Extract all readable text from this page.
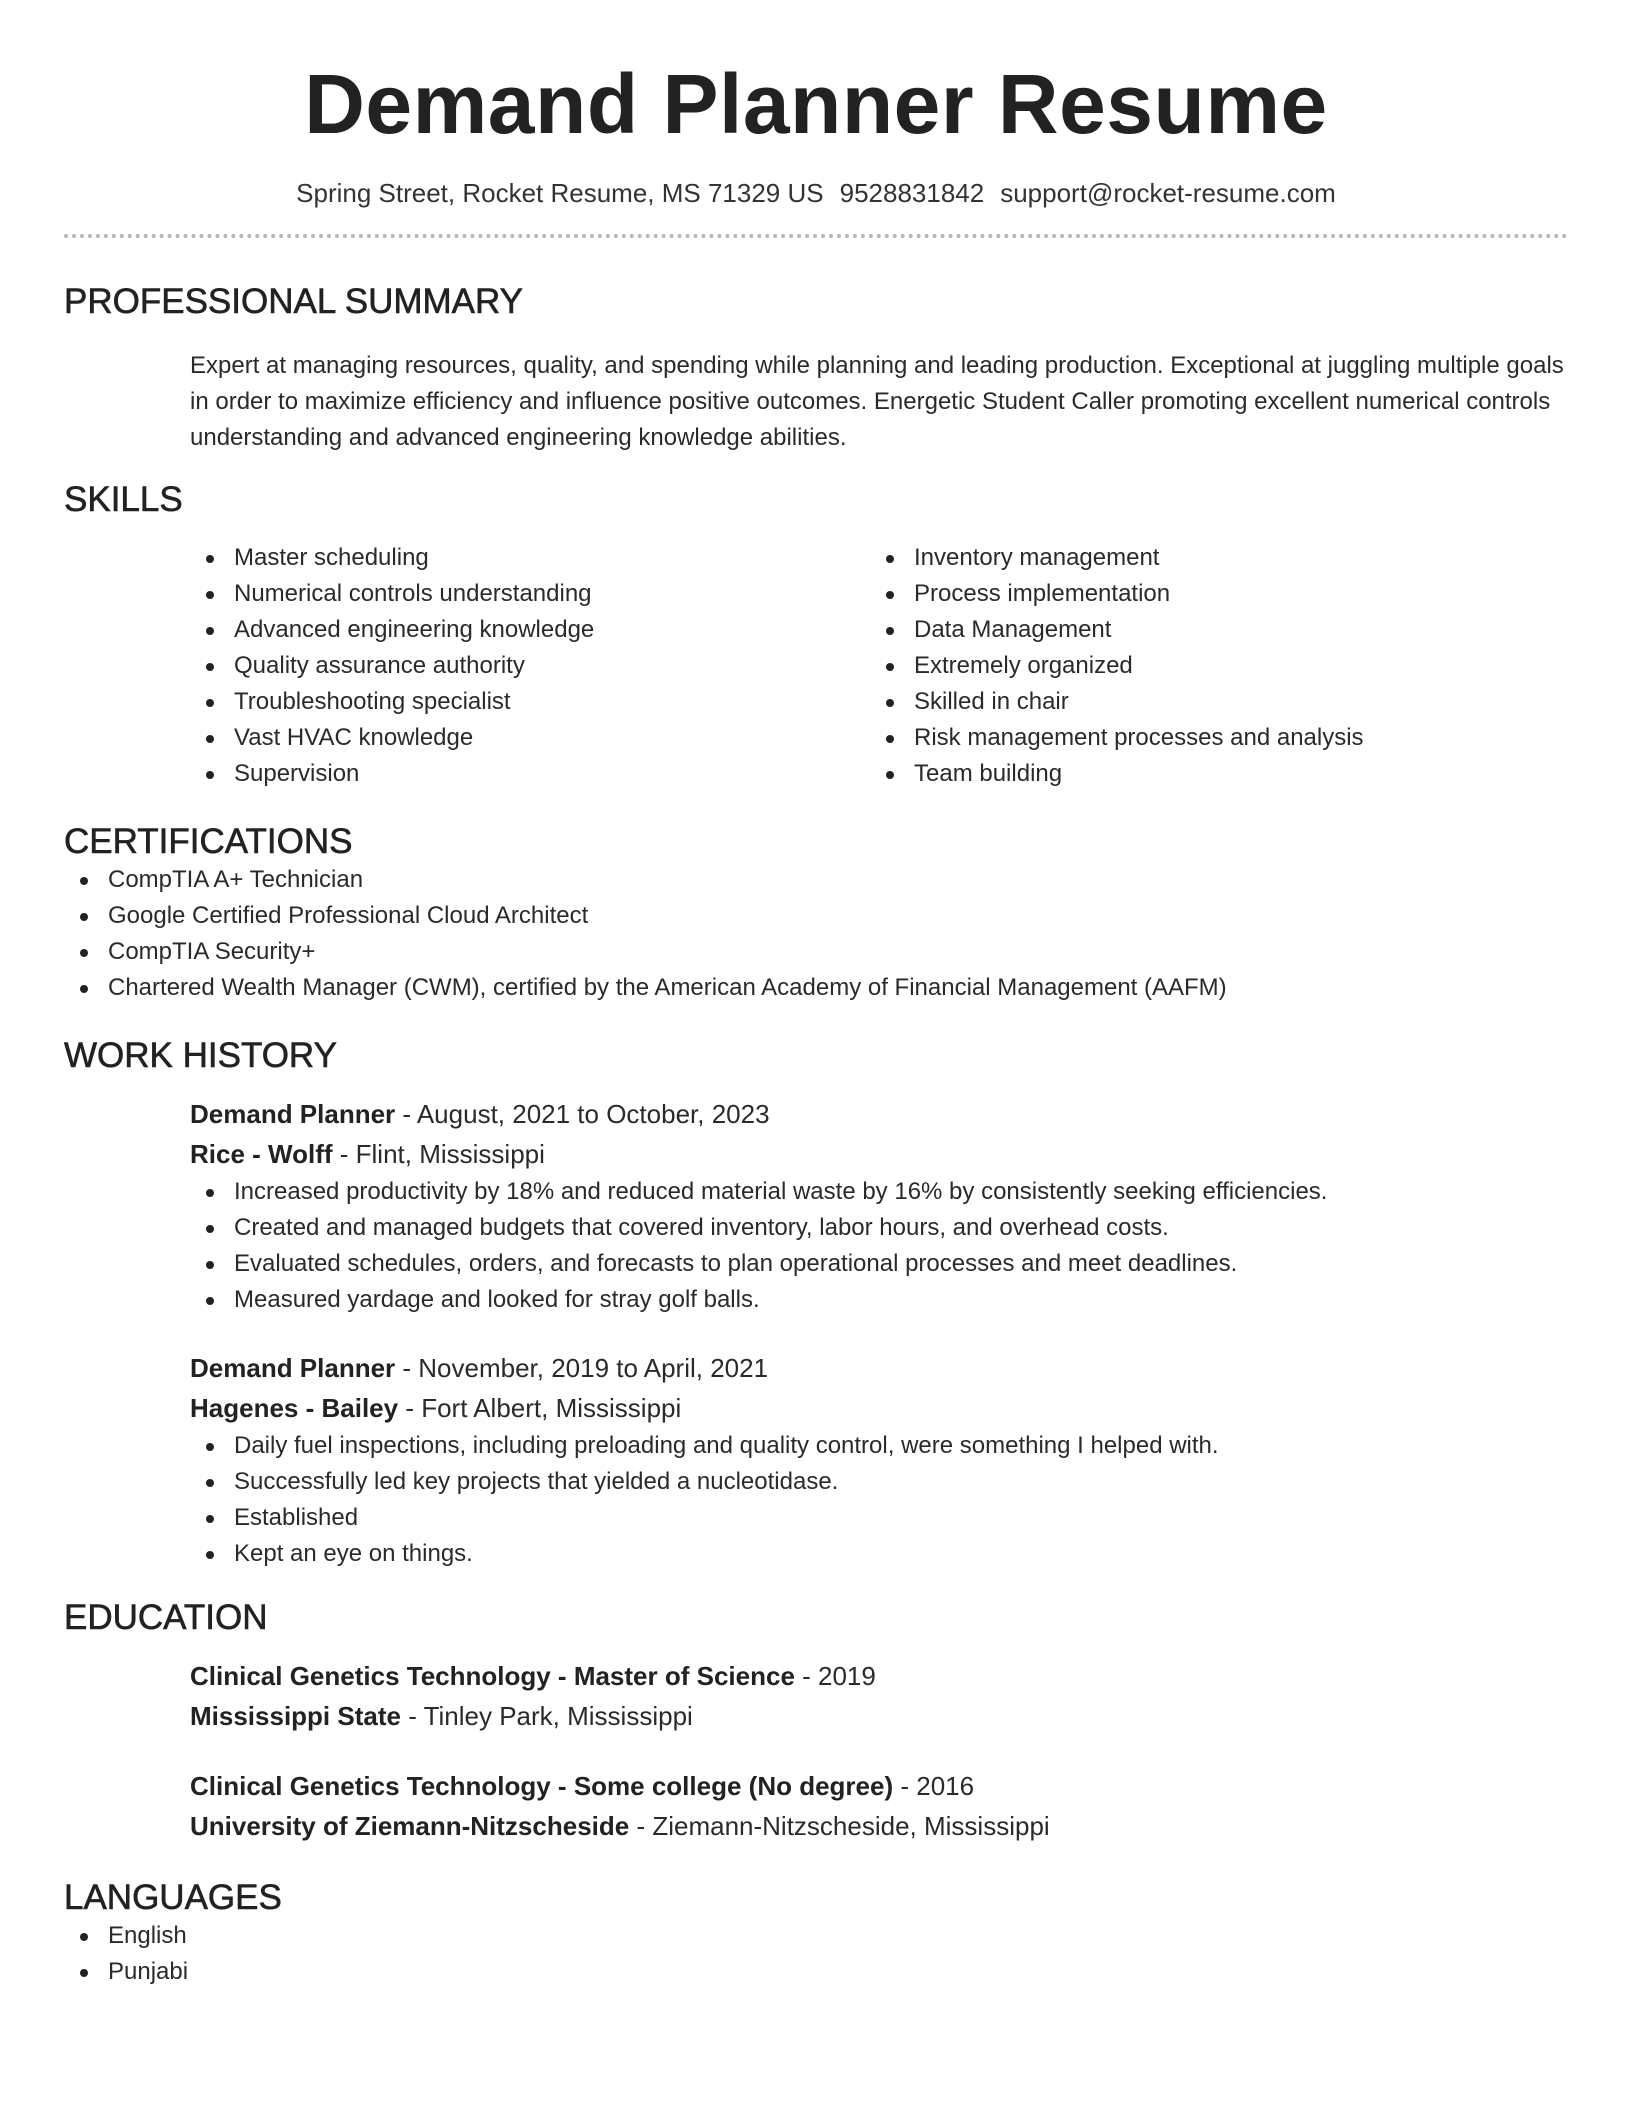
Demand Planner Resume
Spring Street, Rocket Resume, MS 71329 US 9528831842 support@rocket-resume.com
PROFESSIONAL SUMMARY

Expert at managing resources, quality, and spending while planning and leading production. Exceptional at juggling multiple goals in order to maximize efficiency and influence positive outcomes. Energetic Student Caller promoting excellent numerical controls understanding and advanced engineering knowledge abilities.

SKILLS
Master scheduling
Numerical controls understanding
Advanced engineering knowledge
Quality assurance authority
Troubleshooting specialist
Vast HVAC knowledge
Supervision
Inventory management
Process implementation
Data Management
Extremely organized
Skilled in chair
Risk management processes and analysis
Team building
CERTIFICATIONS
CompTIA A+ Technician
Google Certified Professional Cloud Architect
CompTIA Security+
Chartered Wealth Manager (CWM), certified by the American Academy of Financial Management (AAFM)
WORK HISTORY
Demand Planner - August, 2021 to October, 2023
Rice - Wolff - Flint, Mississippi
Increased productivity by 18% and reduced material waste by 16% by consistently seeking efficiencies.
Created and managed budgets that covered inventory, labor hours, and overhead costs.
Evaluated schedules, orders, and forecasts to plan operational processes and meet deadlines.
Measured yardage and looked for stray golf balls.
Demand Planner - November, 2019 to April, 2021
Hagenes - Bailey - Fort Albert, Mississippi
Daily fuel inspections, including preloading and quality control, were something I helped with.
Successfully led key projects that yielded a nucleotidase.
Established
Kept an eye on things.
EDUCATION
Clinical Genetics Technology - Master of Science - 2019
Mississippi State - Tinley Park, Mississippi
Clinical Genetics Technology - Some college (No degree) - 2016
University of Ziemann-Nitzscheside - Ziemann-Nitzscheside, Mississippi
LANGUAGES
English
Punjabi
